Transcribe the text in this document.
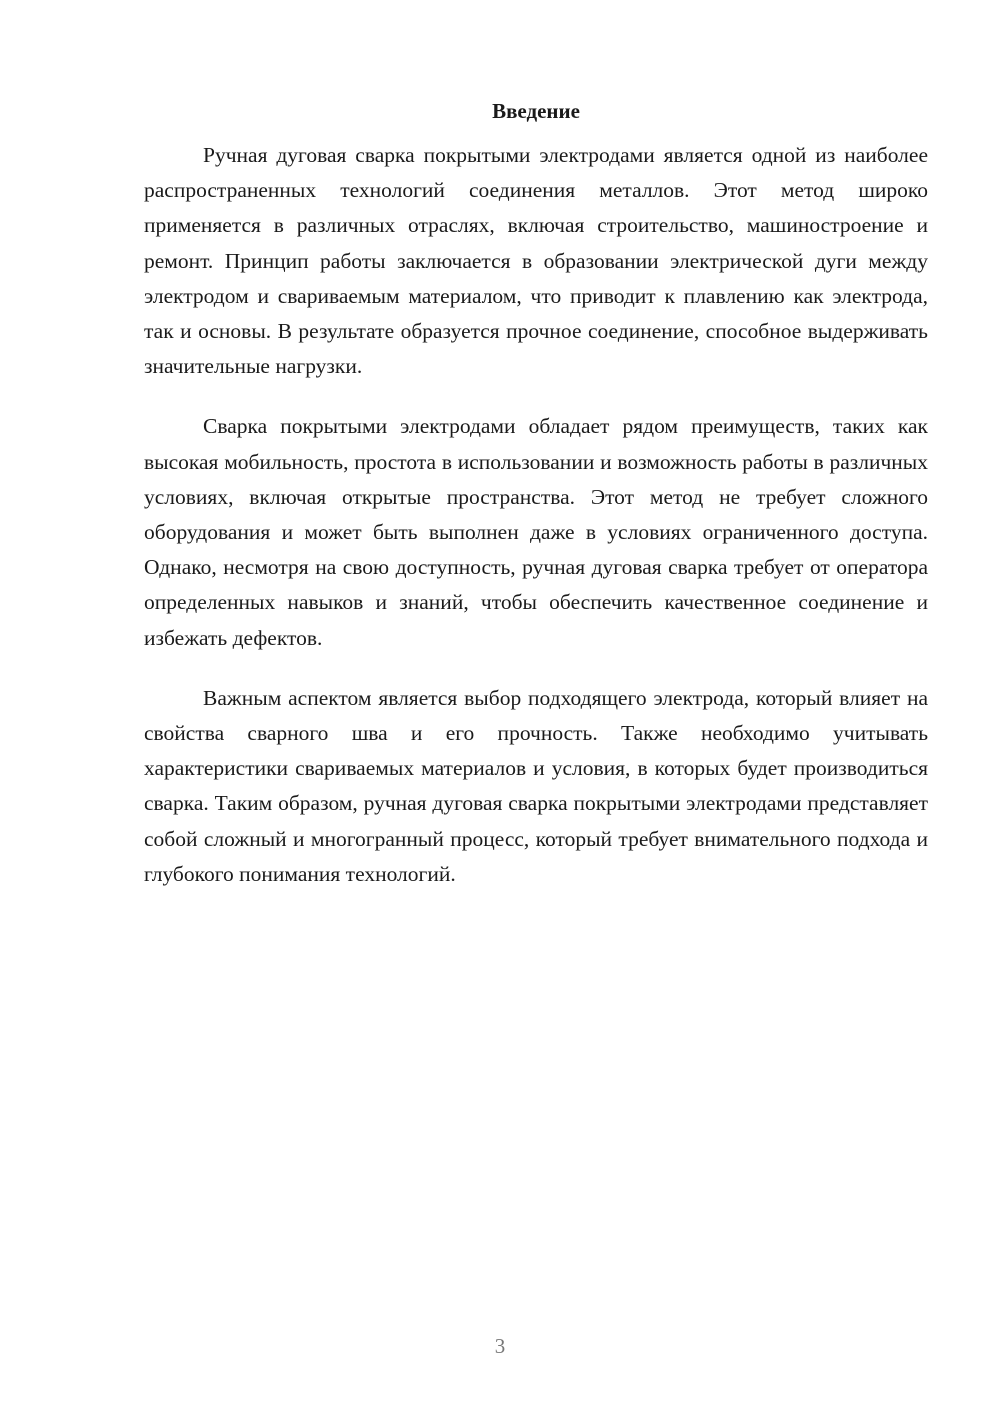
Введение

Ручная дуговая сварка покрытыми электродами является одной из наиболее распространенных технологий соединения металлов. Этот метод широко применяется в различных отраслях, включая строительство, машиностроение и ремонт. Принцип работы заключается в образовании электрической дуги между электродом и свариваемым материалом, что приводит к плавлению как электрода, так и основы. В результате образуется прочное соединение, способное выдерживать значительные нагрузки.

Сварка покрытыми электродами обладает рядом преимуществ, таких как высокая мобильность, простота в использовании и возможность работы в различных условиях, включая открытые пространства. Этот метод не требует сложного оборудования и может быть выполнен даже в условиях ограниченного доступа. Однако, несмотря на свою доступность, ручная дуговая сварка требует от оператора определенных навыков и знаний, чтобы обеспечить качественное соединение и избежать дефектов.

Важным аспектом является выбор подходящего электрода, который влияет на свойства сварного шва и его прочность. Также необходимо учитывать характеристики свариваемых материалов и условия, в которых будет производиться сварка. Таким образом, ручная дуговая сварка покрытыми электродами представляет собой сложный и многогранный процесс, который требует внимательного подхода и глубокого понимания технологий.

3
